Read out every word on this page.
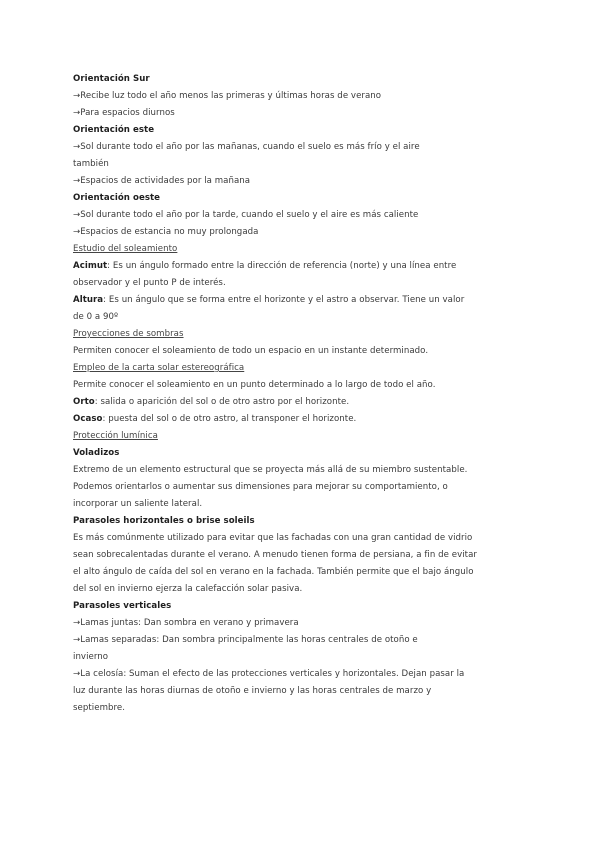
Orientación Sur
→Recibe luz todo el año menos las primeras y últimas horas de verano
→Para espacios diurnos
Orientación este
→Sol durante todo el año por las mañanas, cuando el suelo es más frío y el aire
también
→Espacios de actividades por la mañana
Orientación oeste
→Sol durante todo el año por la tarde, cuando el suelo y el aire es más caliente
→Espacios de estancia no muy prolongada
Estudio del soleamiento
Acimut: Es un ángulo formado entre la dirección de referencia (norte) y una línea entre
observador y el punto P de interés.
Altura: Es un ángulo que se forma entre el horizonte y el astro a observar. Tiene un valor
de 0 a 90º
Proyecciones de sombras
Permiten conocer el soleamiento de todo un espacio en un instante determinado.
Empleo de la carta solar estereográfica
Permite conocer el soleamiento en un punto determinado a lo largo de todo el año.
Orto: salida o aparición del sol o de otro astro por el horizonte.
Ocaso: puesta del sol o de otro astro, al transponer el horizonte.
Protección lumínica
Voladizos
Extremo de un elemento estructural que se proyecta más allá de su miembro sustentable.
Podemos orientarlos o aumentar sus dimensiones para mejorar su comportamiento, o
incorporar un saliente lateral.
Parasoles horizontales o brise soleils
Es más comúnmente utilizado para evitar que las fachadas con una gran cantidad de vidrio
sean sobrecalentadas durante el verano. A menudo tienen forma de persiana, a fin de evitar
el alto ángulo de caída del sol en verano en la fachada. También permite que el bajo ángulo
del sol en invierno ejerza la calefacción solar pasiva.
Parasoles verticales
→Lamas juntas: Dan sombra en verano y primavera
→Lamas separadas: Dan sombra principalmente las horas centrales de otoño e
invierno
→La celosía: Suman el efecto de las protecciones verticales y horizontales. Dejan pasar la
luz durante las horas diurnas de otoño e invierno y las horas centrales de marzo y
septiembre.
